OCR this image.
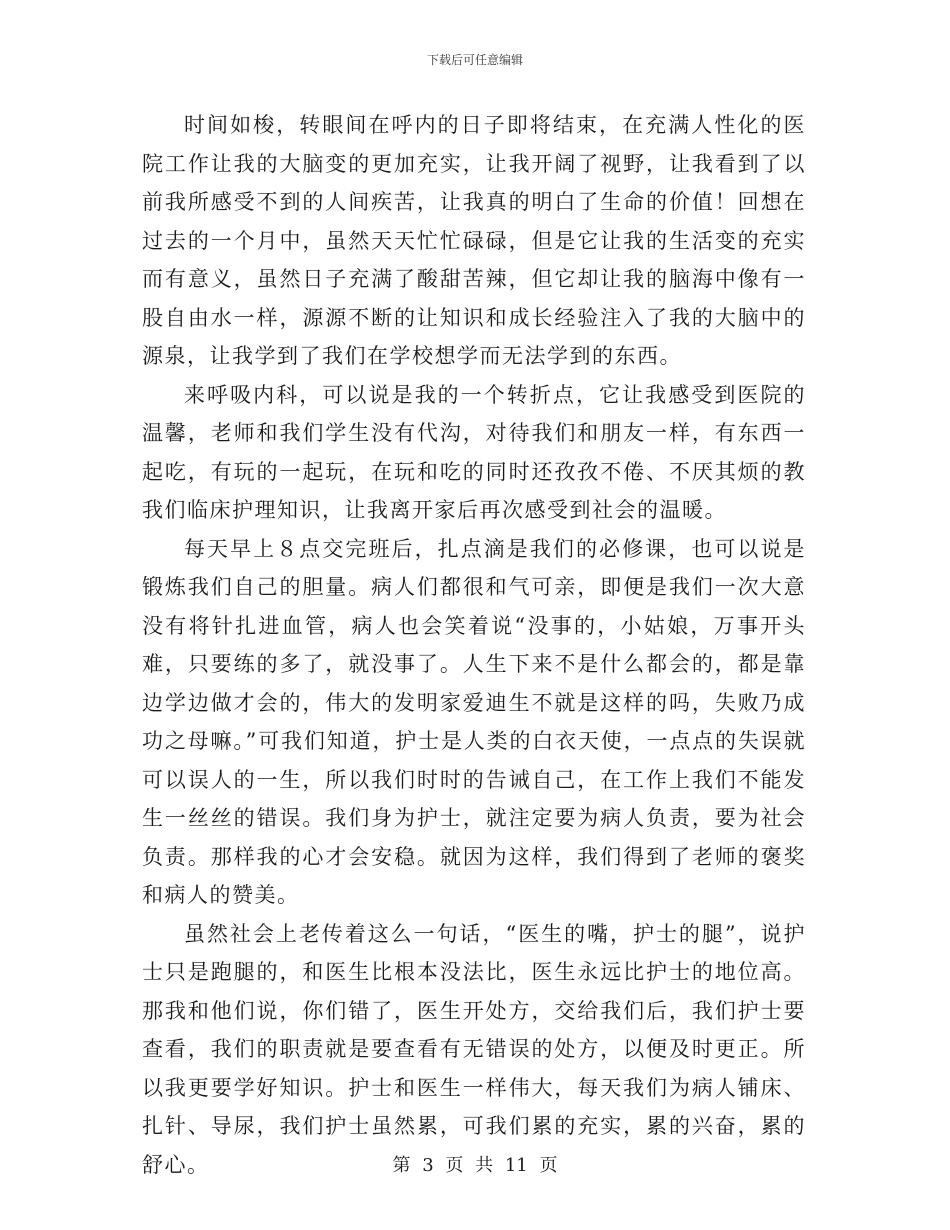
下载后可任意编辑

时间如梭，转眼间在呼内的日子即将结束，在充满人性化的医院工作让我的大脑变的更加充实，让我开阔了视野，让我看到了以前我所感受不到的人间疾苦，让我真的明白了生命的价值！回想在过去的一个月中，虽然天天忙忙碌碌，但是它让我的生活变的充实而有意义，虽然日子充满了酸甜苦辣，但它却让我的脑海中像有一股自由水一样，源源不断的让知识和成长经验注入了我的大脑中的源泉，让我学到了我们在学校想学而无法学到的东西。

来呼吸内科，可以说是我的一个转折点，它让我感受到医院的温馨，老师和我们学生没有代沟，对待我们和朋友一样，有东西一起吃，有玩的一起玩，在玩和吃的同时还孜孜不倦、不厌其烦的教我们临床护理知识，让我离开家后再次感受到社会的温暖。

每天早上８点交完班后，扎点滴是我们的必修课，也可以说是锻炼我们自己的胆量。病人们都很和气可亲，即便是我们一次大意没有将针扎进血管，病人也会笑着说“没事的，小姑娘，万事开头难，只要练的多了，就没事了。人生下来不是什么都会的，都是靠边学边做才会的，伟大的发明家爱迪生不就是这样的吗，失败乃成功之母嘛。”可我们知道，护士是人类的白衣天使，一点点的失误就可以误人的一生，所以我们时时的告诫自己，在工作上我们不能发生一丝丝的错误。我们身为护士，就注定要为病人负责，要为社会负责。那样我的心才会安稳。就因为这样，我们得到了老师的褒奖和病人的赞美。

虽然社会上老传着这么一句话，“医生的嘴，护士的腿”，说护士只是跑腿的，和医生比根本没法比，医生永远比护士的地位高。那我和他们说，你们错了，医生开处方，交给我们后，我们护士要查看，我们的职责就是要查看有无错误的处方，以便及时更正。所以我更要学好知识。护士和医生一样伟大，每天我们为病人铺床、扎针、导尿，我们护士虽然累，可我们累的充实，累的兴奋，累的舒心。	第 3 页 共 11 页
